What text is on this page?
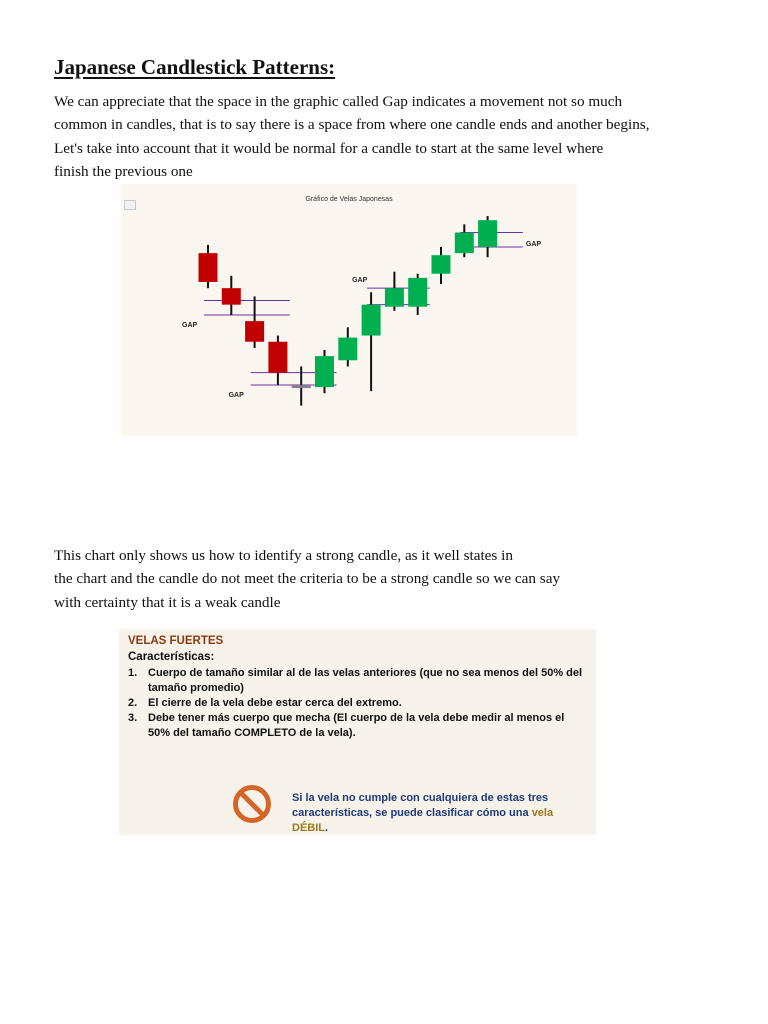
Japanese Candlestick Patterns:
We can appreciate that the space in the graphic called Gap indicates a movement not so much
common in candles, that is to say there is a space from where one candle ends and another begins,
Let's take into account that it would be normal for a candle to start at the same level where
finish the previous one
Gráfico de Velas Japonesas
GAP
GAP
GAP
GAP
This chart only shows us how to identify a strong candle, as it well states in
the chart and the candle do not meet the criteria to be a strong candle so we can say
with certainty that it is a weak candle
VELAS FUERTES
Características:
1. Cuerpo de tamaño similar al de las velas anteriores (que no sea menos del 50% del tamaño promedio)
2. El cierre de la vela debe estar cerca del extremo.
3. Debe tener más cuerpo que mecha (El cuerpo de la vela debe medir al menos el 50% del tamaño COMPLETO de la vela).
Si la vela no cumple con cualquiera de estas tres características, se puede clasificar cómo una vela DÉBIL.
